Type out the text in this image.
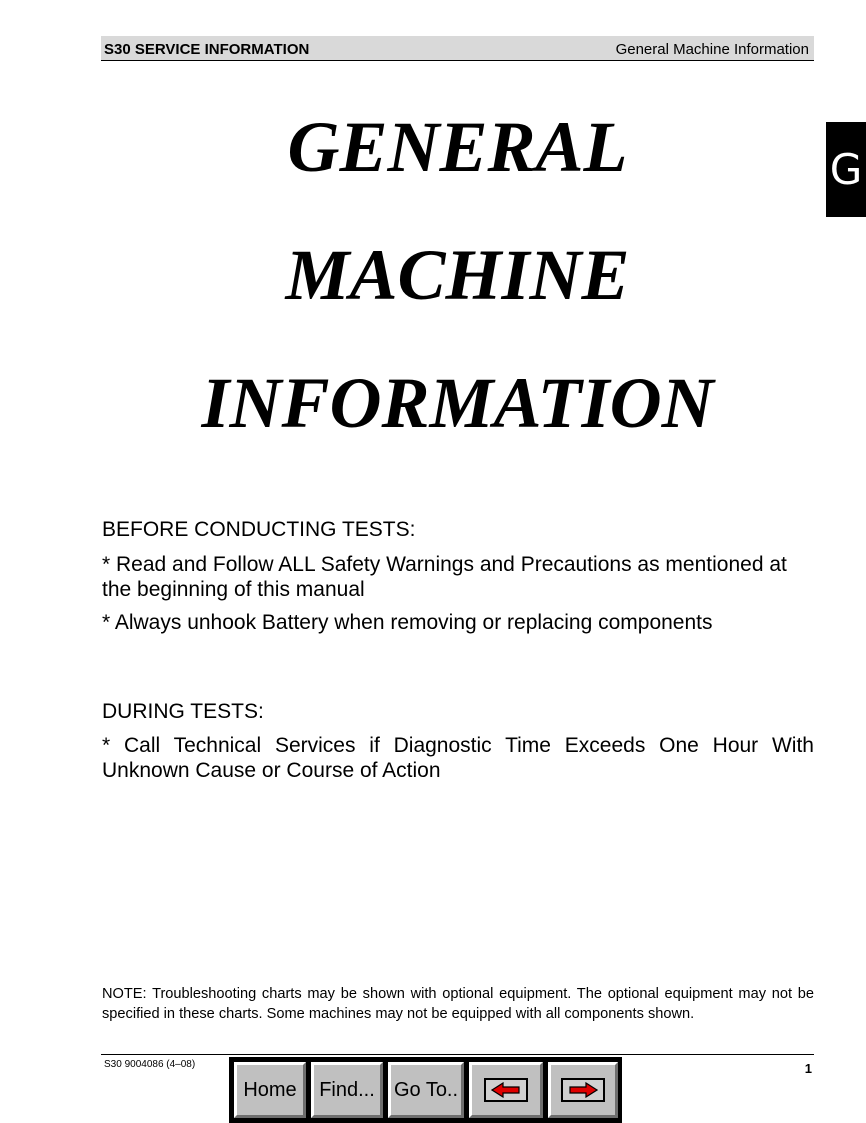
S30 SERVICE INFORMATION	General Machine Information
G
GENERAL
MACHINE
INFORMATION
BEFORE CONDUCTING TESTS:
* Read and Follow ALL Safety Warnings and Precautions as mentioned at the beginning of this manual
* Always unhook Battery when removing or replacing components
DURING TESTS:
* Call Technical Services if Diagnostic Time Exceeds One Hour With Unknown Cause or Course of Action
NOTE: Troubleshooting charts may be shown with optional equipment. The optional equipment may not be specified in these charts. Some machines may not be equipped with all components shown.
S30 9004086 (4–08)	1
Home	Find... Go To..
